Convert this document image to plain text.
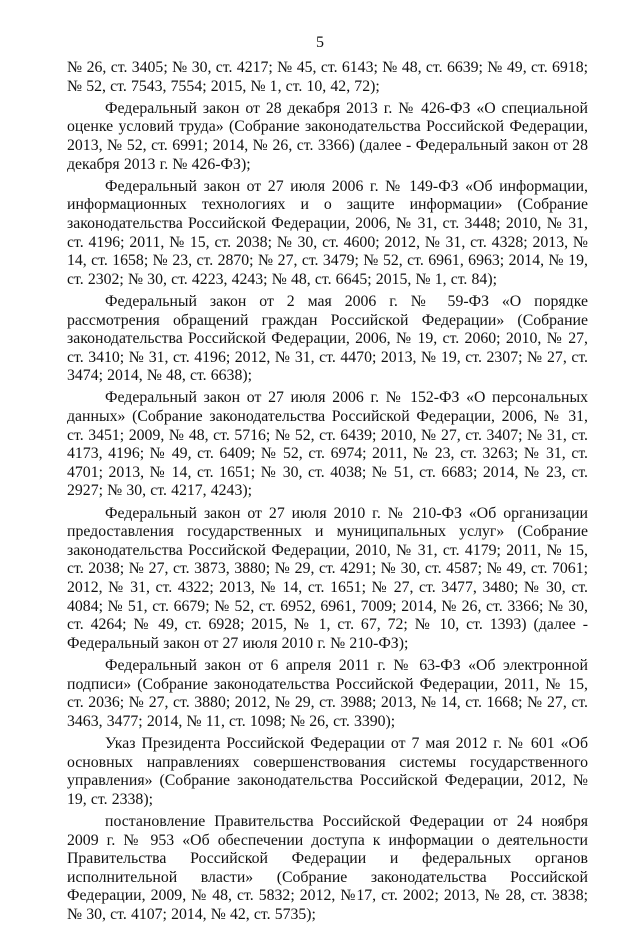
5

№ 26, ст. 3405; № 30, ст. 4217; № 45, ст. 6143; № 48, ст. 6639; № 49, ст. 6918; № 52, ст. 7543, 7554; 2015, № 1, ст. 10, 42, 72);

Федеральный закон от 28 декабря 2013 г. № 426-ФЗ «О специальной оценке условий труда» (Собрание законодательства Российской Федерации, 2013, № 52, ст. 6991; 2014, № 26, ст. 3366) (далее - Федеральный закон от 28 декабря 2013 г. № 426-ФЗ);

Федеральный закон от 27 июля 2006 г. № 149-ФЗ «Об информации, информационных технологиях и о защите информации» (Собрание законодательства Российской Федерации, 2006, № 31, ст. 3448; 2010, № 31, ст. 4196; 2011, № 15, ст. 2038; № 30, ст. 4600; 2012, № 31, ст. 4328; 2013, № 14, ст. 1658; № 23, ст. 2870; № 27, ст. 3479; № 52, ст. 6961, 6963; 2014, № 19, ст. 2302; № 30, ст. 4223, 4243; № 48, ст. 6645; 2015, № 1, ст. 84);

Федеральный закон от 2 мая 2006 г. № 59-ФЗ «О порядке рассмотрения обращений граждан Российской Федерации» (Собрание законодательства Российской Федерации, 2006, № 19, ст. 2060; 2010, № 27, ст. 3410; № 31, ст. 4196; 2012, № 31, ст. 4470; 2013, № 19, ст. 2307; № 27, ст. 3474; 2014, № 48, ст. 6638);

Федеральный закон от 27 июля 2006 г. № 152-ФЗ «О персональных данных» (Собрание законодательства Российской Федерации, 2006, № 31, ст. 3451; 2009, № 48, ст. 5716; № 52, ст. 6439; 2010, № 27, ст. 3407; № 31, ст. 4173, 4196; № 49, ст. 6409; № 52, ст. 6974; 2011, № 23, ст. 3263; № 31, ст. 4701; 2013, № 14, ст. 1651; № 30, ст. 4038; № 51, ст. 6683; 2014, № 23, ст. 2927; № 30, ст. 4217, 4243);

Федеральный закон от 27 июля 2010 г. № 210-ФЗ «Об организации предоставления государственных и муниципальных услуг» (Собрание законодательства Российской Федерации, 2010, № 31, ст. 4179; 2011, № 15, ст. 2038; № 27, ст. 3873, 3880; № 29, ст. 4291; № 30, ст. 4587; № 49, ст. 7061; 2012, № 31, ст. 4322; 2013, № 14, ст. 1651; № 27, ст. 3477, 3480; № 30, ст. 4084; № 51, ст. 6679; № 52, ст. 6952, 6961, 7009; 2014, № 26, ст. 3366; № 30, ст. 4264; № 49, ст. 6928; 2015, № 1, ст. 67, 72; № 10, ст. 1393) (далее - Федеральный закон от 27 июля 2010 г. № 210-ФЗ);

Федеральный закон от 6 апреля 2011 г. № 63-ФЗ «Об электронной подписи» (Собрание законодательства Российской Федерации, 2011, № 15, ст. 2036; № 27, ст. 3880; 2012, № 29, ст. 3988; 2013, № 14, ст. 1668; № 27, ст. 3463, 3477; 2014, № 11, ст. 1098; № 26, ст. 3390);

Указ Президента Российской Федерации от 7 мая 2012 г. № 601 «Об основных направлениях совершенствования системы государственного управления» (Собрание законодательства Российской Федерации, 2012, № 19, ст. 2338);

постановление Правительства Российской Федерации от 24 ноября 2009 г. № 953 «Об обеспечении доступа к информации о деятельности Правительства Российской Федерации и федеральных органов исполнительной власти» (Собрание законодательства Российской Федерации, 2009, № 48, ст. 5832; 2012, №17, ст. 2002; 2013, № 28, ст. 3838; № 30, ст. 4107; 2014, № 42, ст. 5735);
